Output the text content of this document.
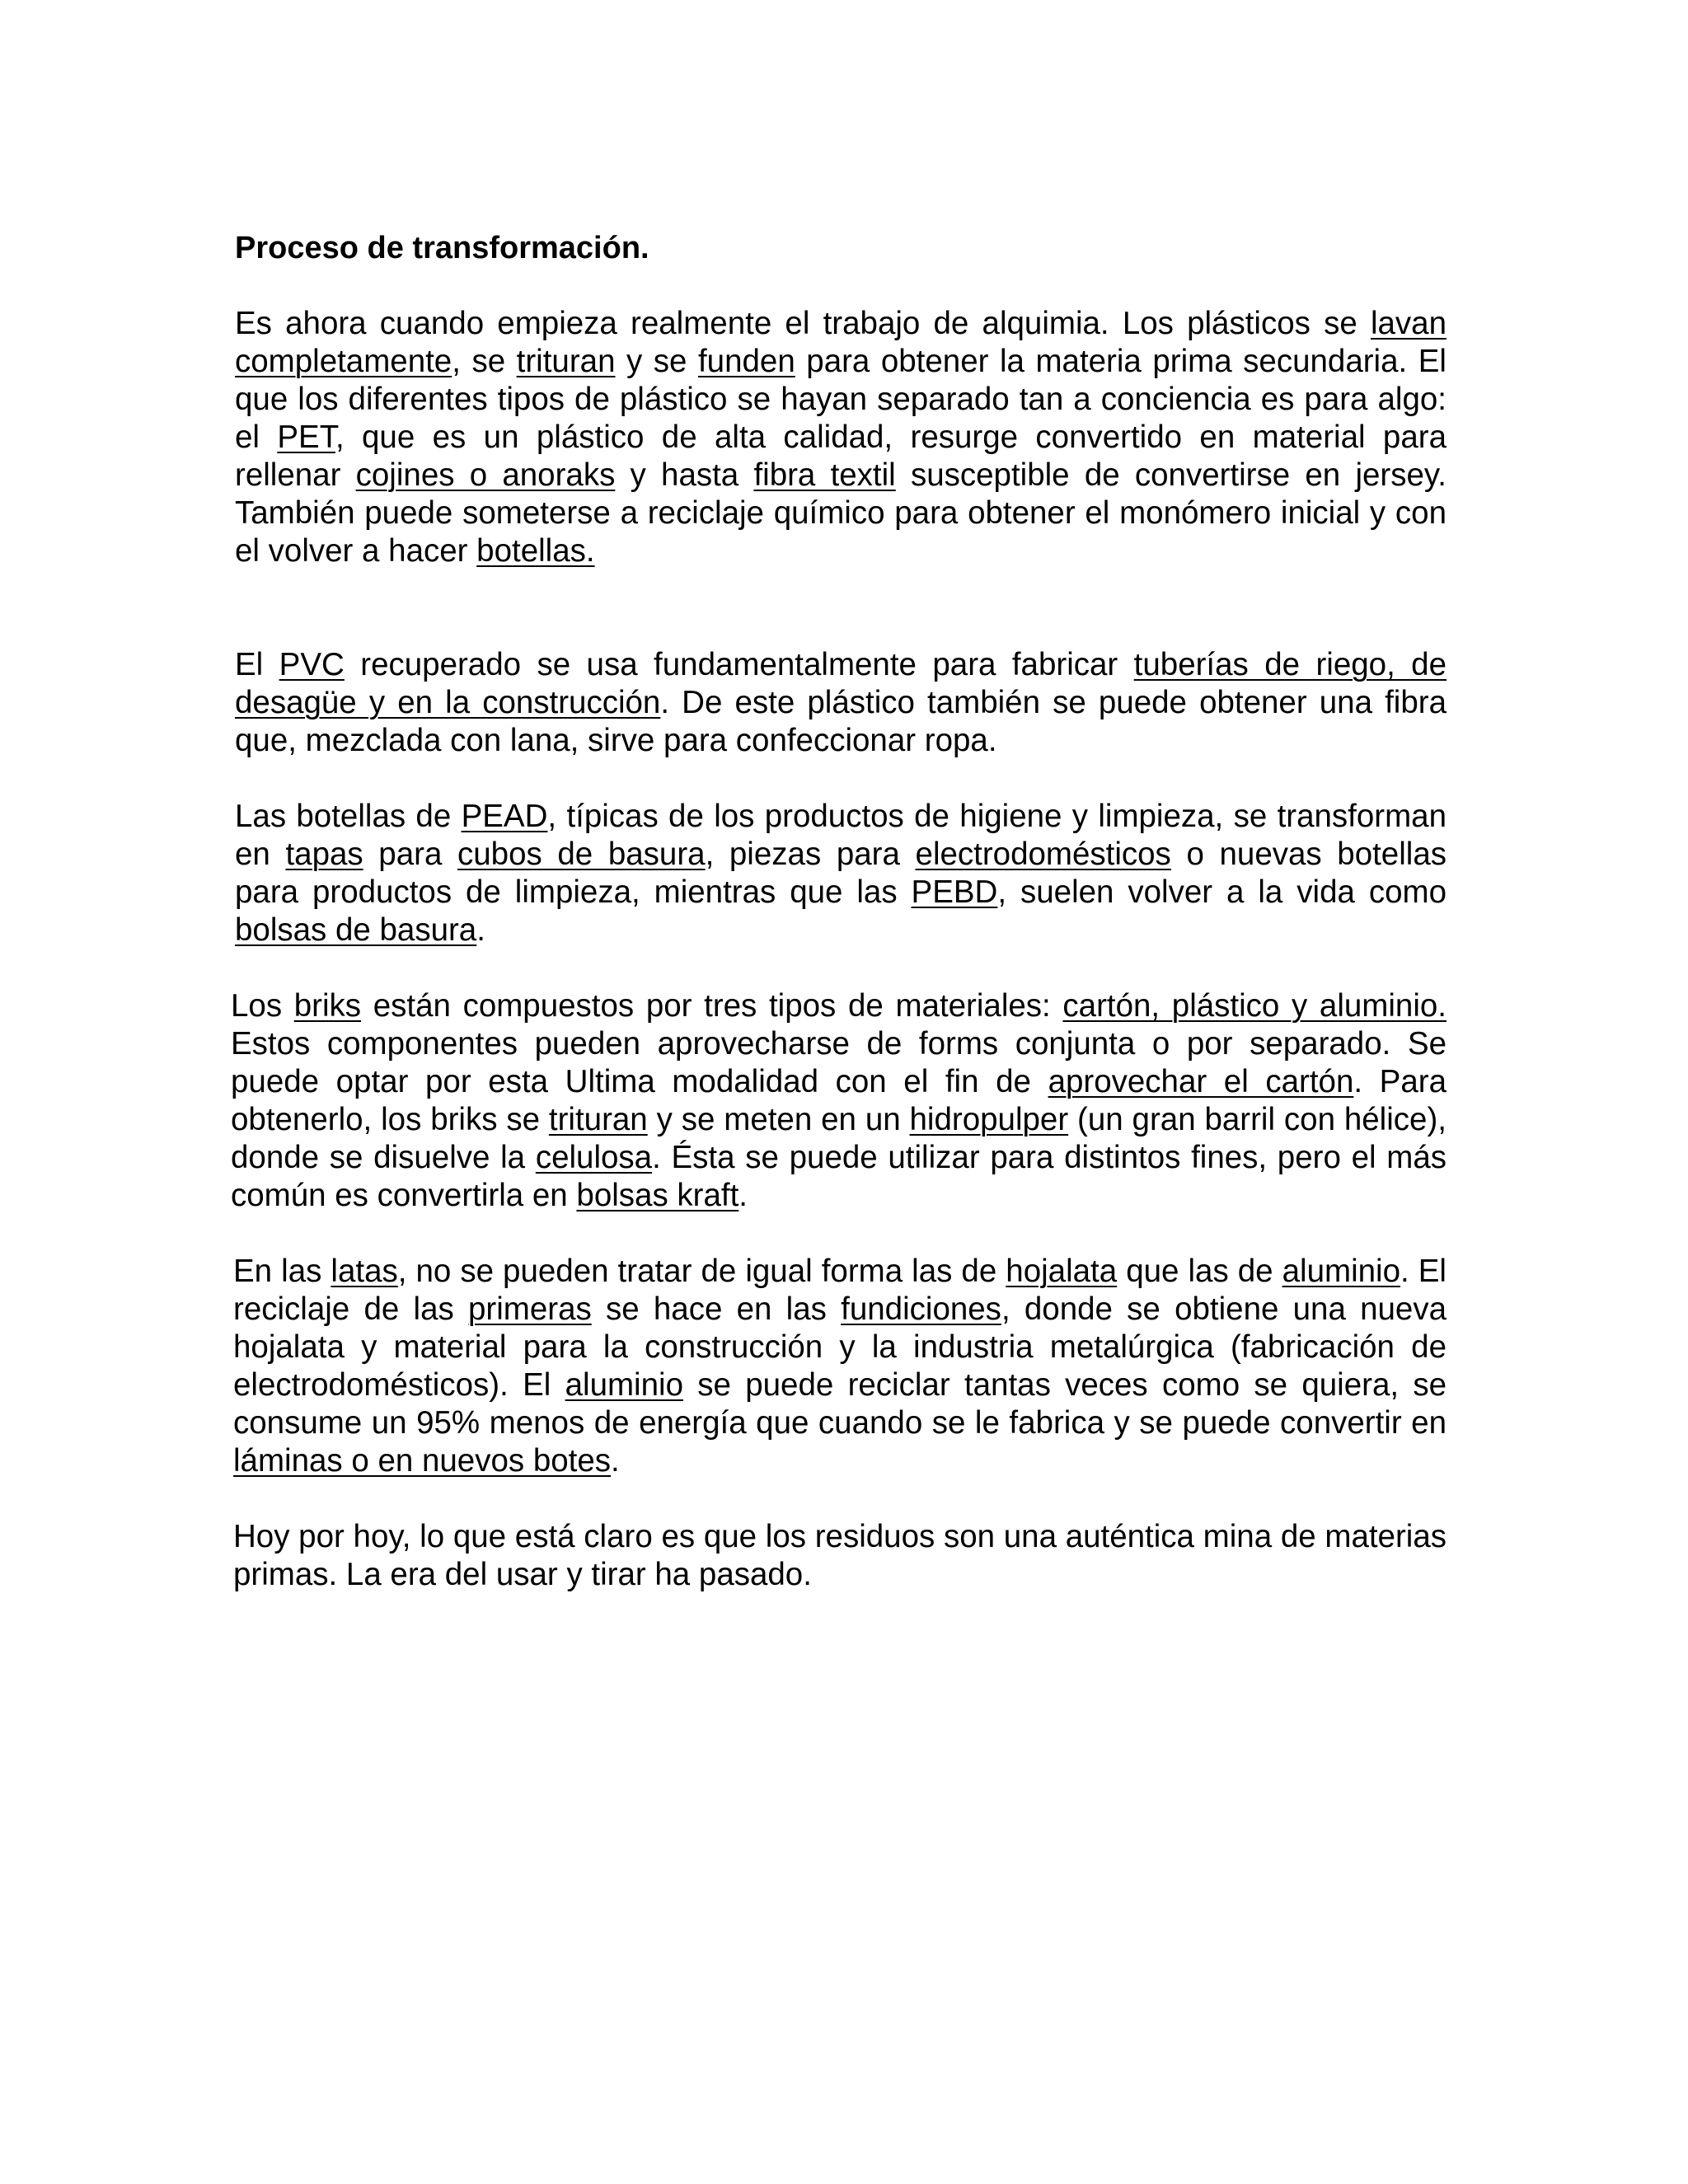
Proceso de transformación.

Es ahora cuando empieza realmente el trabajo de alquimia. Los plásticos se lavan completamente, se trituran y se funden para obtener la materia prima secundaria. El que los diferentes tipos de plástico se hayan separado tan a conciencia es para algo: el PET, que es un plástico de alta calidad, resurge convertido en material para rellenar cojines o anoraks y hasta fibra textil susceptible de convertirse en jersey. También puede someterse a reciclaje químico para obtener el monómero inicial y con el volver a hacer botellas.

El PVC recuperado se usa fundamentalmente para fabricar tuberías de riego, de desagüe y en la construcción. De este plástico también se puede obtener una fibra que, mezclada con lana, sirve para confeccionar ropa.

Las botellas de PEAD, típicas de los productos de higiene y limpieza, se transforman en tapas para cubos de basura, piezas para electrodomésticos o nuevas botellas para productos de limpieza, mientras que las PEBD, suelen volver a la vida como bolsas de basura.

Los briks están compuestos por tres tipos de materiales: cartón, plástico y aluminio. Estos componentes pueden aprovecharse de forms conjunta o por separado. Se puede optar por esta Ultima modalidad con el fin de aprovechar el cartón. Para obtenerlo, los briks se trituran y se meten en un hidropulper (un gran barril con hélice), donde se disuelve la celulosa. Ésta se puede utilizar para distintos fines, pero el más común es convertirla en bolsas kraft.

En las latas, no se pueden tratar de igual forma las de hojalata que las de aluminio. El reciclaje de las primeras se hace en las fundiciones, donde se obtiene una nueva hojalata y material para la construcción y la industria metalúrgica (fabricación de electrodomésticos). El aluminio se puede reciclar tantas veces como se quiera, se consume un 95% menos de energía que cuando se le fabrica y se puede convertir en láminas o en nuevos botes.

Hoy por hoy, lo que está claro es que los residuos son una auténtica mina de materias primas. La era del usar y tirar ha pasado.
